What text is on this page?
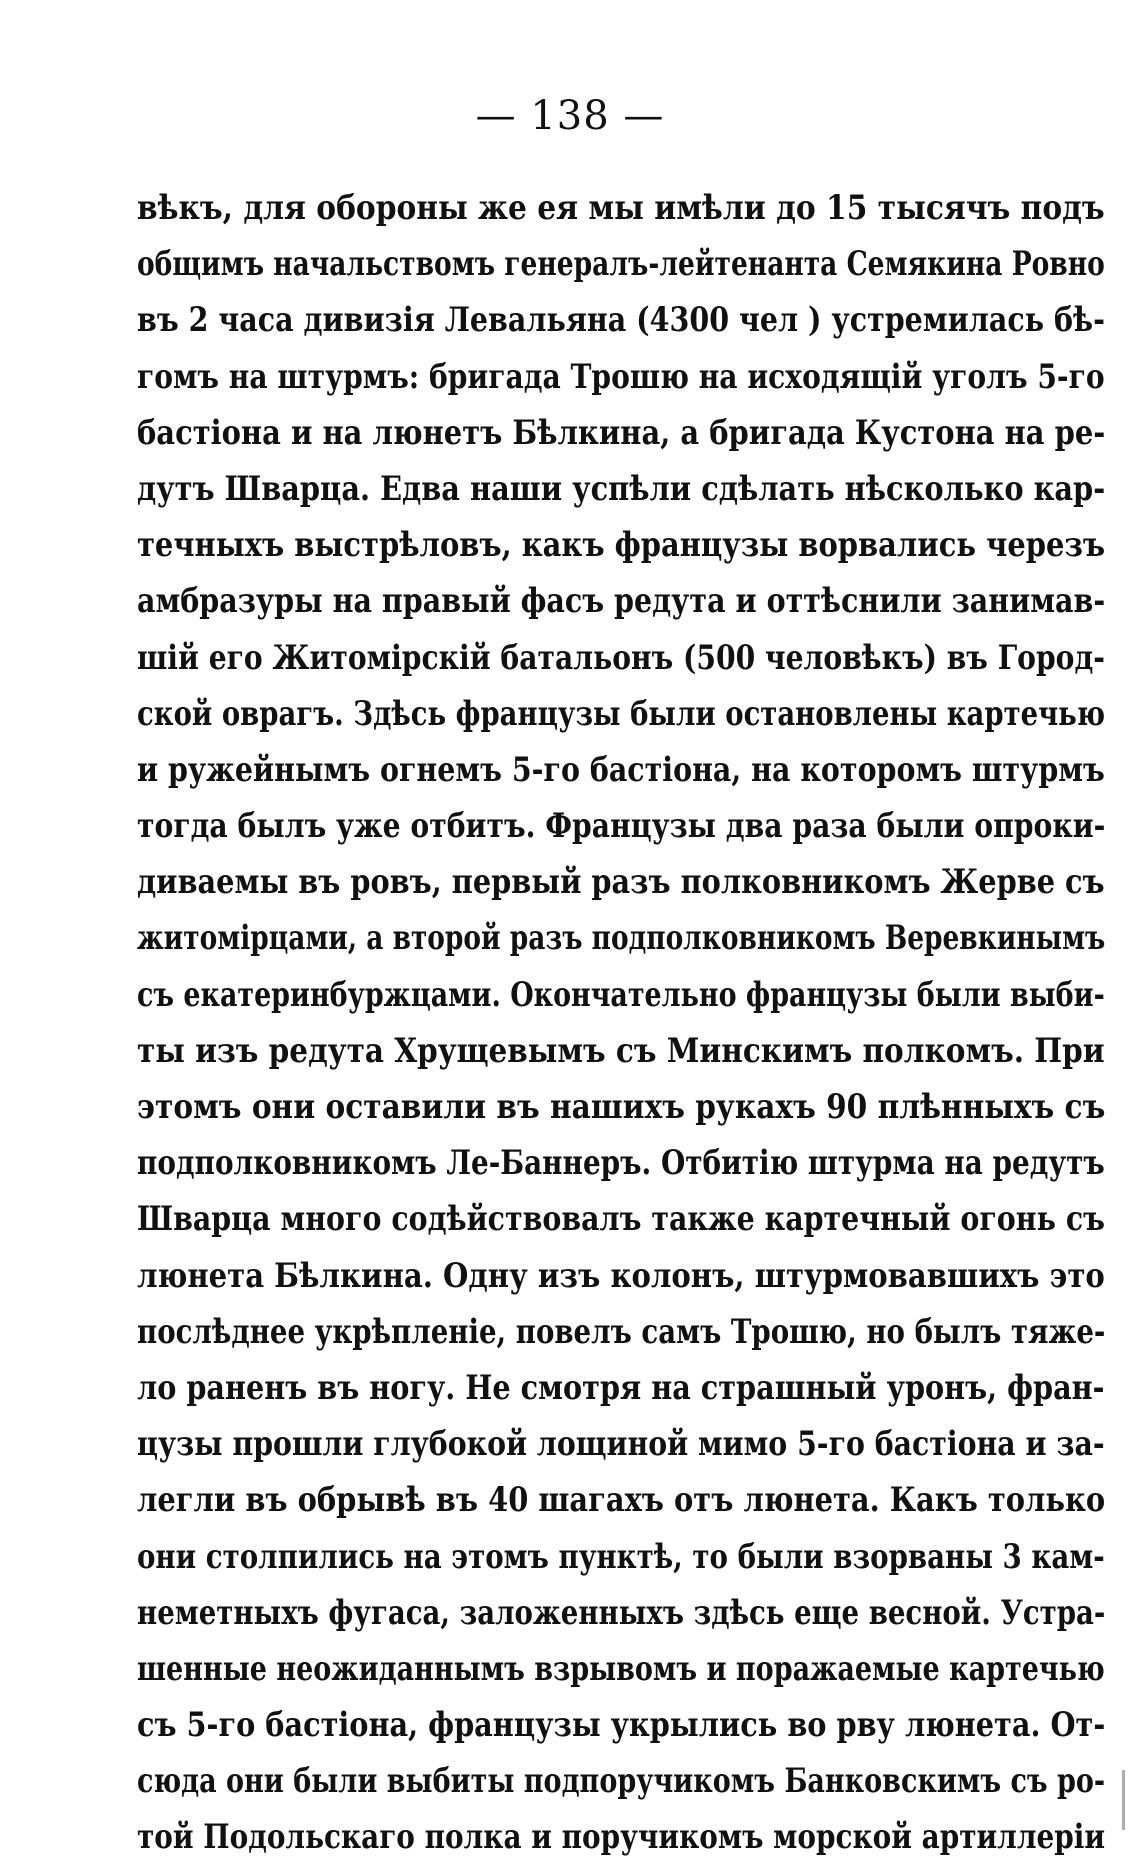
— 138 —
вѣкъ, для обороны же ея мы имѣли до 15 тысячъ подъ
общимъ начальствомъ генералъ-лейтенанта Семякина Ровно
въ 2 часа дивизія Левальяна (4300 чел ) устремилась бѣ-
гомъ на штурмъ: бригада Трошю на исходящій уголъ 5-го
бастіона и на люнетъ Бѣлкина, а бригада Кустона на ре-
дутъ Шварца. Едва наши успѣли сдѣлать нѣсколько кар-
течныхъ выстрѣловъ, какъ французы ворвались черезъ
амбразуры на правый фасъ редута и оттѣснили занимав-
шій его Житомірскій батальонъ (500 человѣкъ) въ Город-
ской оврагъ. Здѣсь французы были остановлены картечью
и ружейнымъ огнемъ 5-го бастіона, на которомъ штурмъ
тогда былъ уже отбитъ. Французы два раза были опроки-
диваемы въ ровъ, первый разъ полковникомъ Жерве съ
житомірцами, а второй разъ подполковникомъ Веревкинымъ
съ екатеринбуржцами. Окончательно французы были выби-
ты изъ редута Хрущевымъ съ Минскимъ полкомъ. При
этомъ они оставили въ нашихъ рукахъ 90 плѣнныхъ съ
подполковникомъ Ле-Баннеръ. Отбитію штурма на редутъ
Шварца много содѣйствовалъ также картечный огонь съ
люнета Бѣлкина. Одну изъ колонъ, штурмовавшихъ это
послѣднее укрѣпленіе, повелъ самъ Трошю, но былъ тяже-
ло раненъ въ ногу. Не смотря на страшный уронъ, фран-
цузы прошли глубокой лощиной мимо 5-го бастіона и за-
легли въ обрывѣ въ 40 шагахъ отъ люнета. Какъ только
они столпились на этомъ пунктѣ, то были взорваны 3 кам-
неметныхъ фугаса, заложенныхъ здѣсь еще весной. Устра-
шенные неожиданнымъ взрывомъ и поражаемые картечью
съ 5-го бастіона, французы укрылись во рву люнета. От-
сюда они были выбиты подпоручикомъ Банковскимъ съ ро-
той Подольскаго полка и поручикомъ морской артиллеріи
